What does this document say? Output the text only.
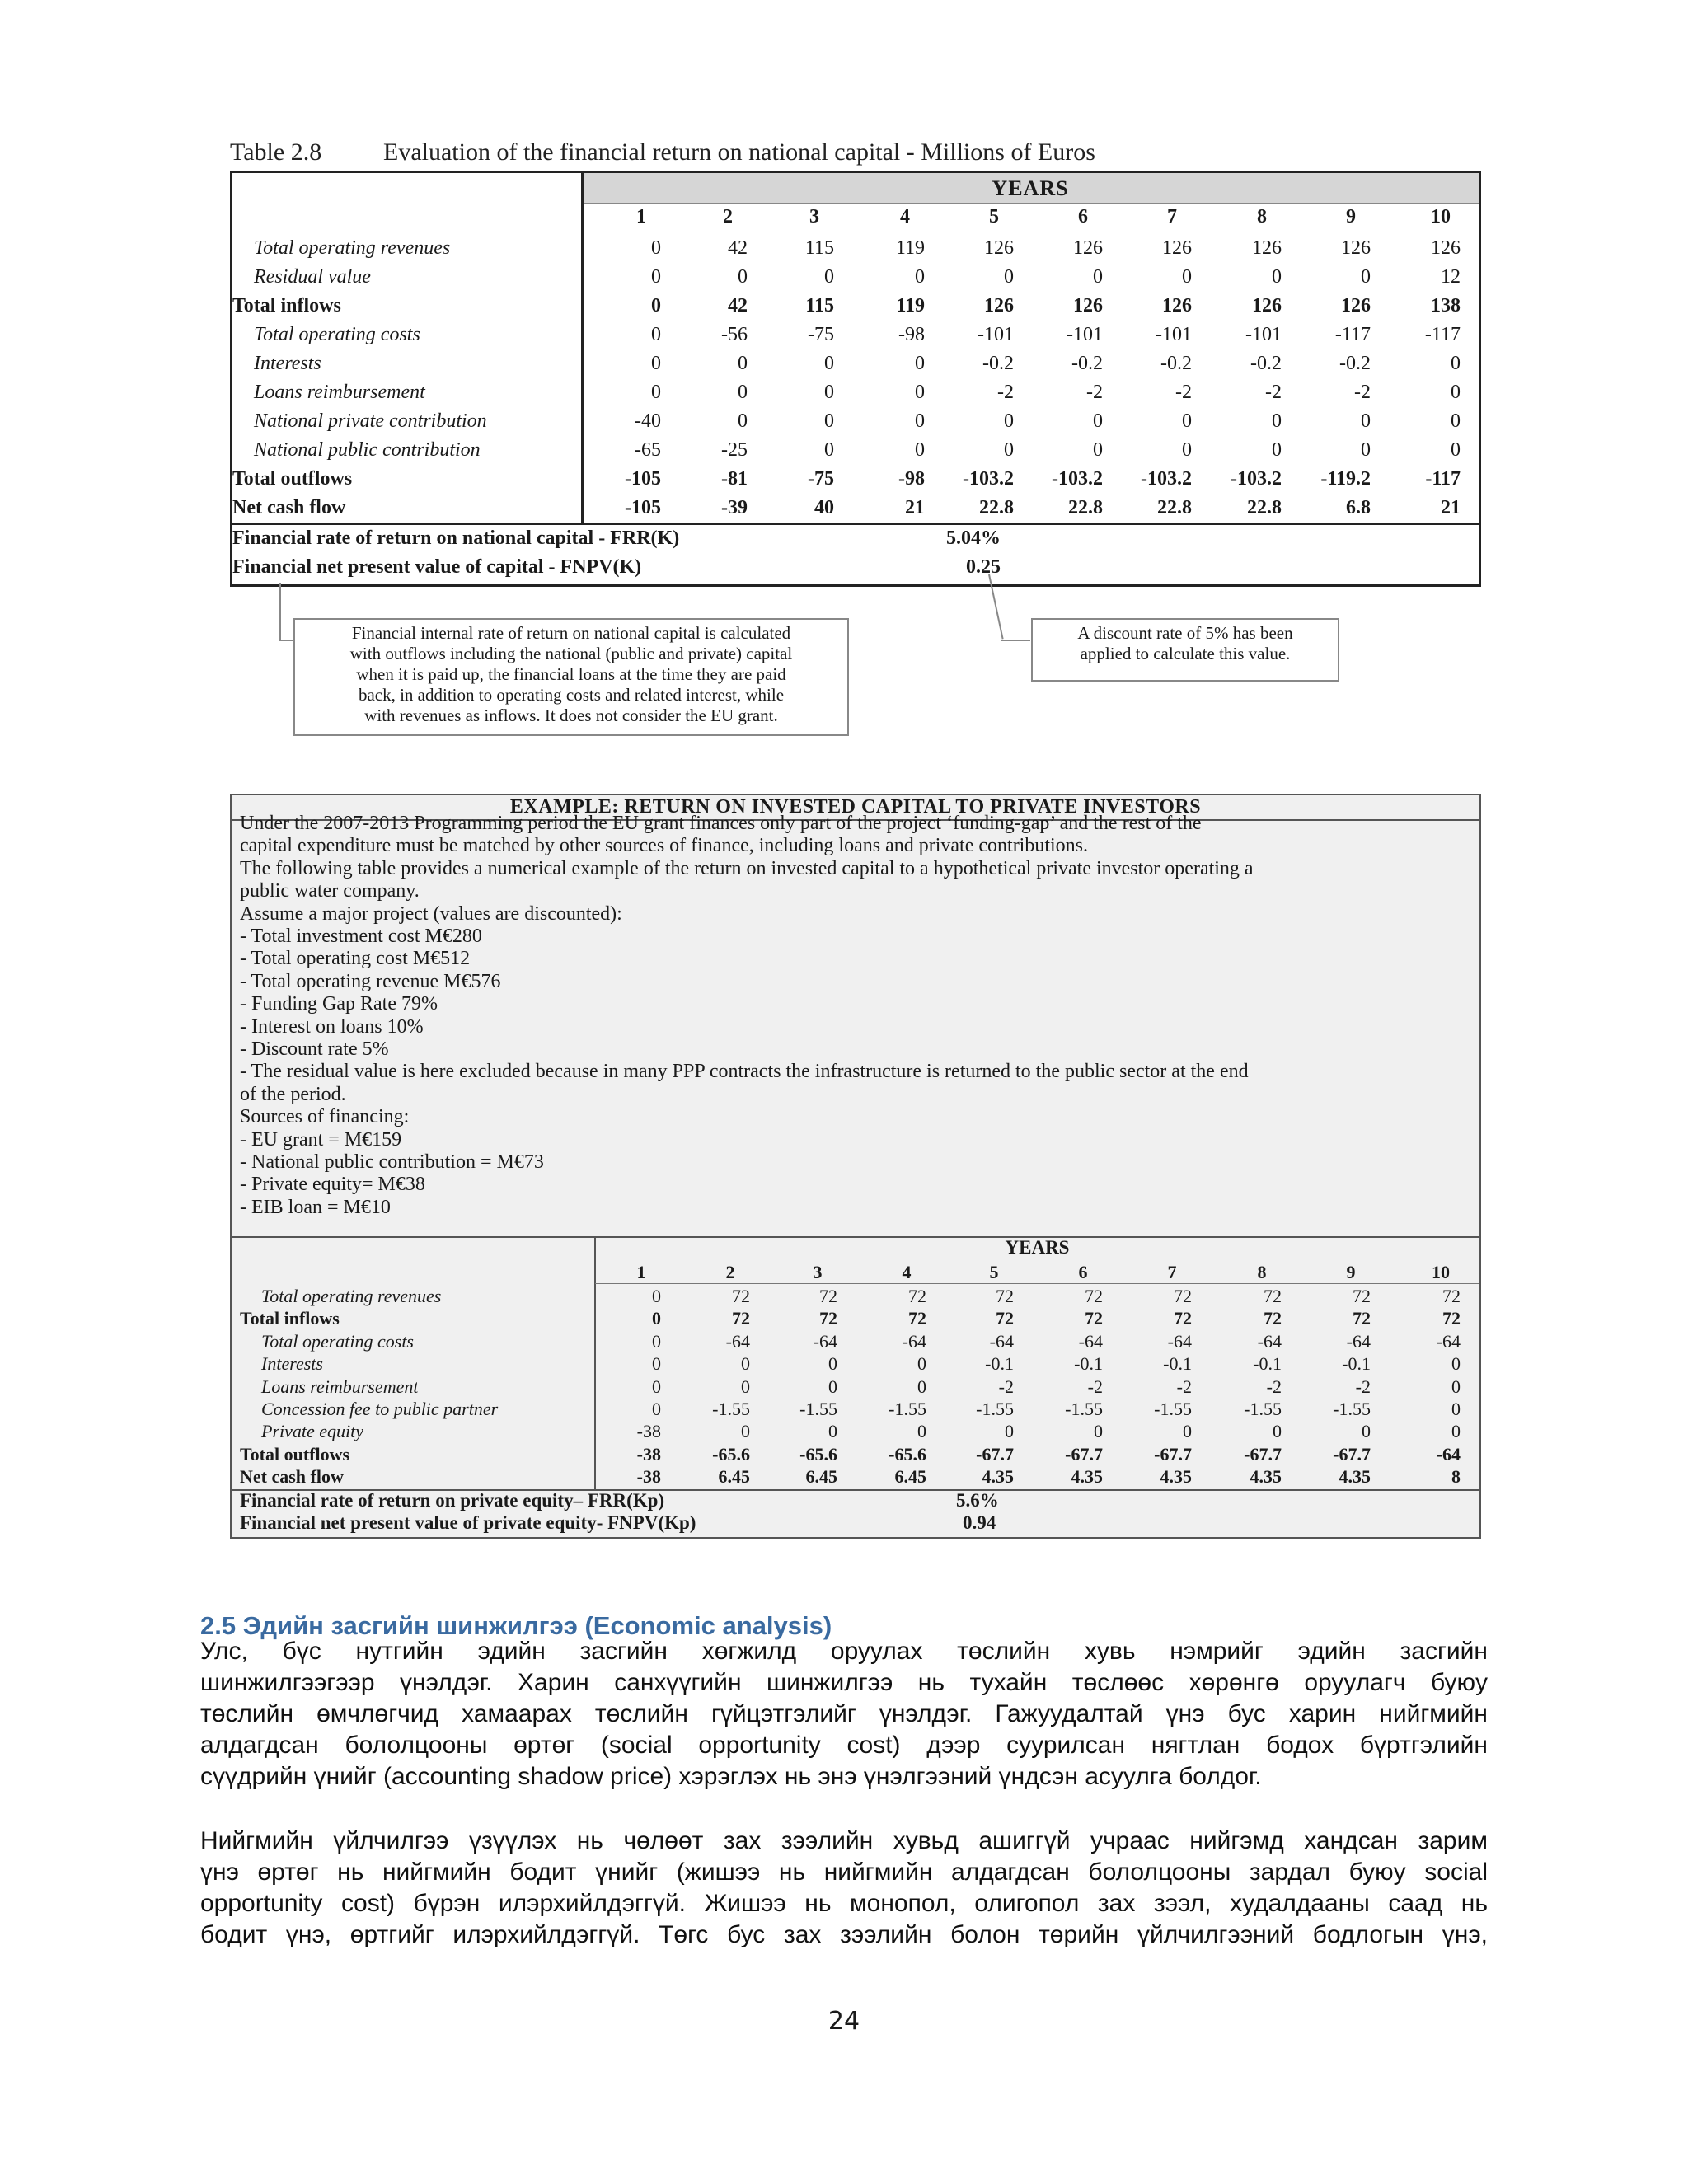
Table 2.8 Evaluation of the financial return on national capital - Millions of Euros
YEARS
1	2	3	4	5	6	7	8	9	10
Total operating revenues	0	42	115	119	126	126	126	126	126	126
Residual value	0	0	0	0	0	0	0	0	0	12
Total inflows	0	42	115	119	126	126	126	126	126	138
Total operating costs	0	-56	-75	-98	-101	-101	-101	-101	-117	-117
Interests	0	0	0	0	-0.2	-0.2	-0.2	-0.2	-0.2	0
Loans reimbursement	0	0	0	0	-2	-2	-2	-2	-2	0
National private contribution	-40	0	0	0	0	0	0	0	0	0
National public contribution	-65	-25	0	0	0	0	0	0	0	0
Total outflows	-105	-81	-75	-98	-103.2	-103.2	-103.2	-103.2	-119.2	-117
Net cash flow	-105	-39	40	21	22.8	22.8	22.8	22.8	6.8	21
Financial rate of return on national capital - FRR(K)	5.04%
Financial net present value of capital - FNPV(K)	0.25
Financial internal rate of return on national capital is calculated
with outflows including the national (public and private) capital
when it is paid up, the financial loans at the time they are paid
back, in addition to operating costs and related interest, while
with revenues as inflows. It does not consider the EU grant.
A discount rate of 5% has been
applied to calculate this value.
EXAMPLE: RETURN ON INVESTED CAPITAL TO PRIVATE INVESTORS
Under the 2007-2013 Programming period the EU grant finances only part of the project ‘funding-gap’ and the rest of the
capital expenditure must be matched by other sources of finance, including loans and private contributions.
The following table provides a numerical example of the return on invested capital to a hypothetical private investor operating a
public water company.
Assume a major project (values are discounted):
- Total investment cost M€280
- Total operating cost M€512
- Total operating revenue M€576
- Funding Gap Rate 79%
- Interest on loans 10%
- Discount rate 5%
- The residual value is here excluded because in many PPP contracts the infrastructure is returned to the public sector at the end
of the period.
Sources of financing:
- EU grant = M€159
- National public contribution = M€73
- Private equity= M€38
- EIB loan = M€10
YEARS
1	2	3	4	5	6	7	8	9	10
Total operating revenues	0	72	72	72	72	72	72	72	72	72
Total inflows	0	72	72	72	72	72	72	72	72	72
Total operating costs	0	-64	-64	-64	-64	-64	-64	-64	-64	-64
Interests	0	0	0	0	-0.1	-0.1	-0.1	-0.1	-0.1	0
Loans reimbursement	0	0	0	0	-2	-2	-2	-2	-2	0
Concession fee to public partner	0	-1.55	-1.55	-1.55	-1.55	-1.55	-1.55	-1.55	-1.55	0
Private equity	-38	0	0	0	0	0	0	0	0	0
Total outflows	-38	-65.6	-65.6	-65.6	-67.7	-67.7	-67.7	-67.7	-67.7	-64
Net cash flow	-38	6.45	6.45	6.45	4.35	4.35	4.35	4.35	4.35	8
Financial rate of return on private equity– FRR(Kp)	5.6%
Financial net present value of private equity- FNPV(Kp)	0.94
2.5 Эдийн засгийн шинжилгээ (Economic analysis)
Улс, бүс нутгийн эдийн засгийн хөгжилд оруулах төслийн хувь нэмрийг эдийн засгийн
шинжилгээгээр үнэлдэг. Харин санхүүгийн шинжилгээ нь тухайн төслөөс хөрөнгө оруулагч буюу
төслийн өмчлөгчид хамаарах төслийн гүйцэтгэлийг үнэлдэг. Гажуудалтай үнэ бус харин нийгмийн
алдагдсан бололцооны өртөг (social opportunity cost) дээр суурилсан нягтлан бодох бүртгэлийн
сүүдрийн үнийг (accounting shadow price) хэрэглэх нь энэ үнэлгээний үндсэн асуулга болдог.
Нийгмийн үйлчилгээ үзүүлэх нь чөлөөт зах зээлийн хувьд ашиггүй учраас нийгэмд хандсан зарим
үнэ өртөг нь нийгмийн бодит үнийг (жишээ нь нийгмийн алдагдсан бололцооны зардал буюу social
opportunity cost) бүрэн илэрхийлдэггүй. Жишээ нь монопол, олигопол зах зээл, худалдааны саад нь
бодит үнэ, өртгийг илэрхийлдэггүй. Төгс бус зах зээлийн болон төрийн үйлчилгээний бодлогын үнэ,
24
